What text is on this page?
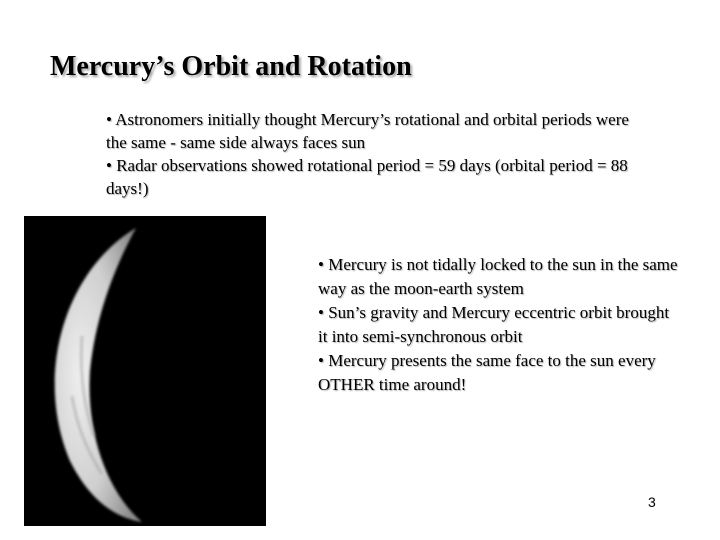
Mercury’s Orbit and Rotation

• Astronomers initially thought Mercury’s rotational and orbital periods were the same - same side always faces sun

• Radar observations showed rotational period = 59 days (orbital period = 88 days!)

• Mercury is not tidally locked to the sun in the same way as the moon-earth system

• Sun’s gravity and Mercury eccentric orbit brought it into semi-synchronous orbit

• Mercury presents the same face to the sun every OTHER time around!

3
